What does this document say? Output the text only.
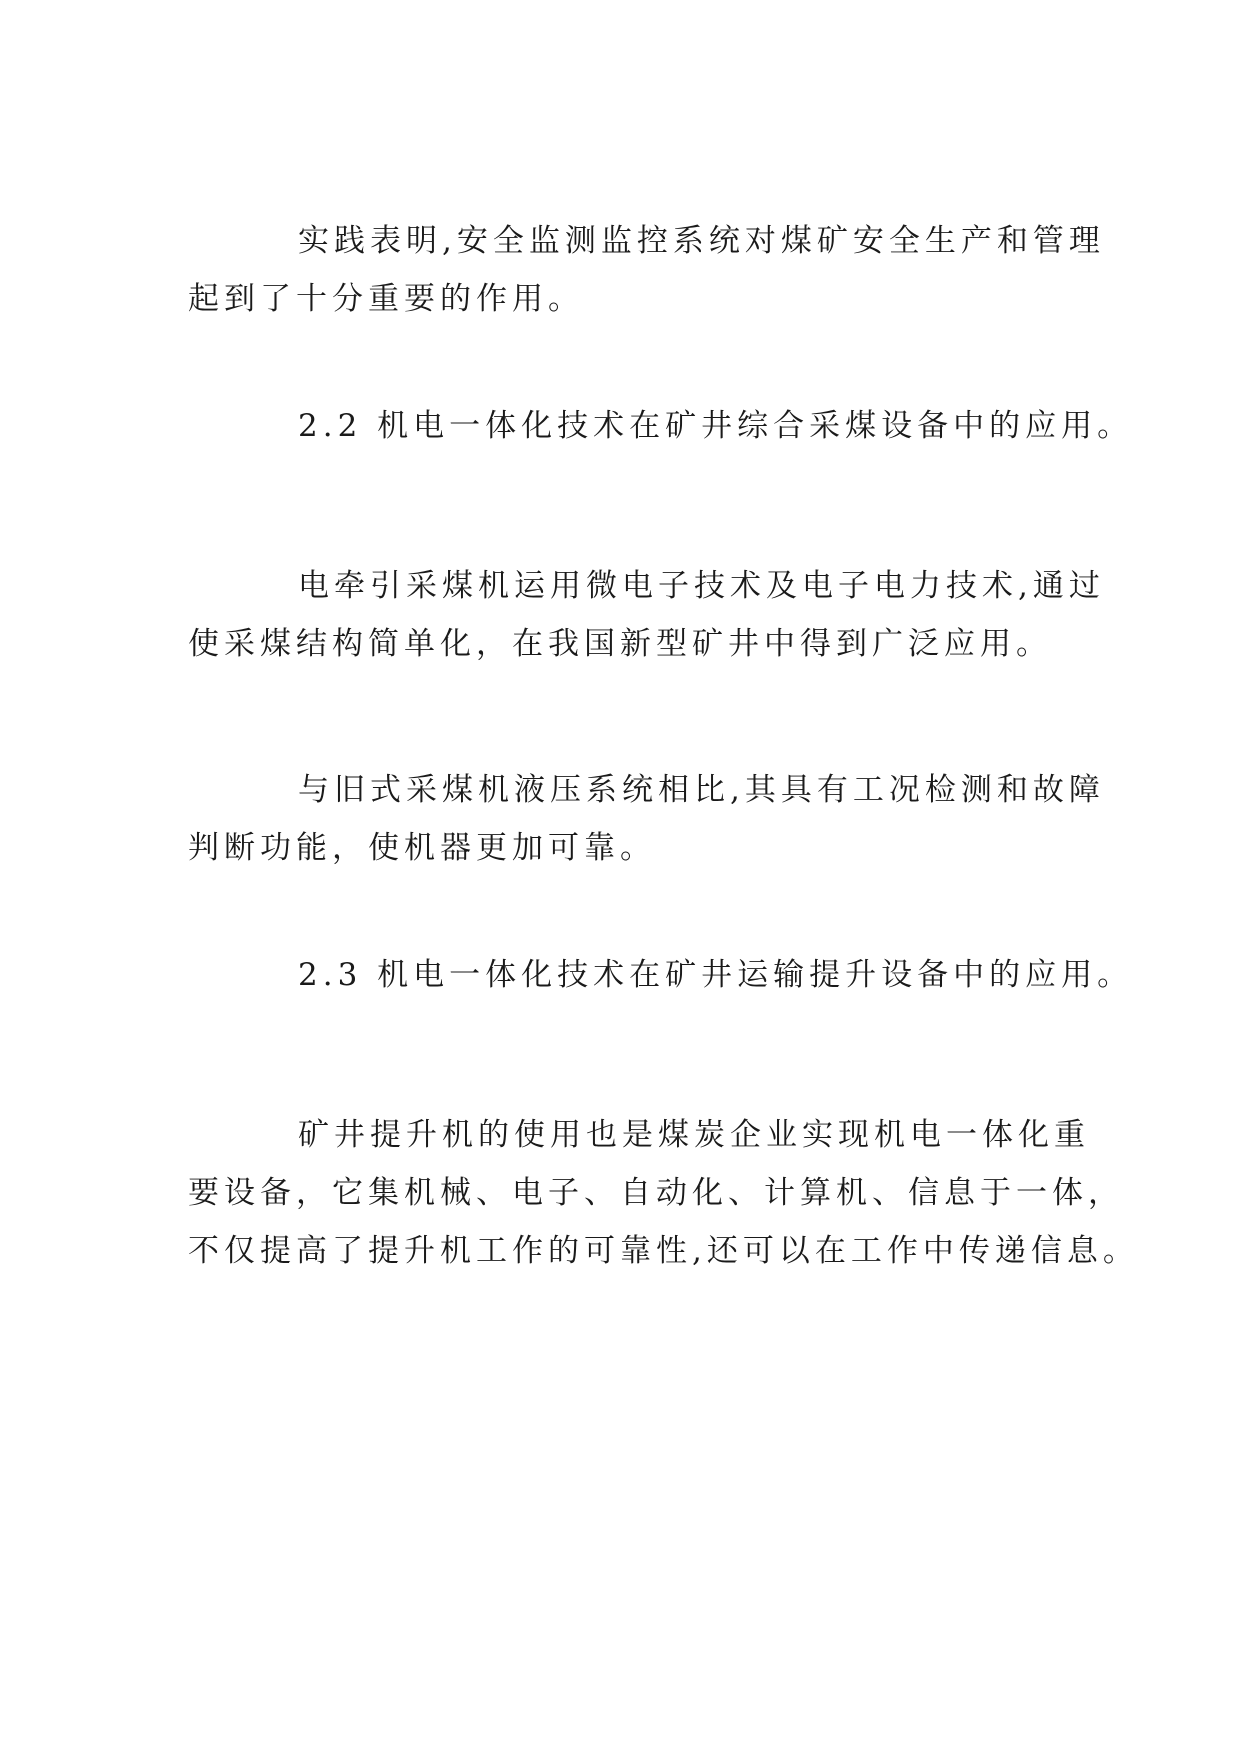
实践表明,安全监测监控系统对煤矿安全生产和管理
起到了十分重要的作用。
2.2 机电一体化技术在矿井综合采煤设备中的应用。
电牵引采煤机运用微电子技术及电子电力技术,通过
使采煤结构简单化，在我国新型矿井中得到广泛应用。
与旧式采煤机液压系统相比,其具有工况检测和故障
判断功能，使机器更加可靠。
2.3 机电一体化技术在矿井运输提升设备中的应用。
矿井提升机的使用也是煤炭企业实现机电一体化重
要设备，它集机械、电子、自动化、计算机、信息于一体，
不仅提高了提升机工作的可靠性,还可以在工作中传递信息。
